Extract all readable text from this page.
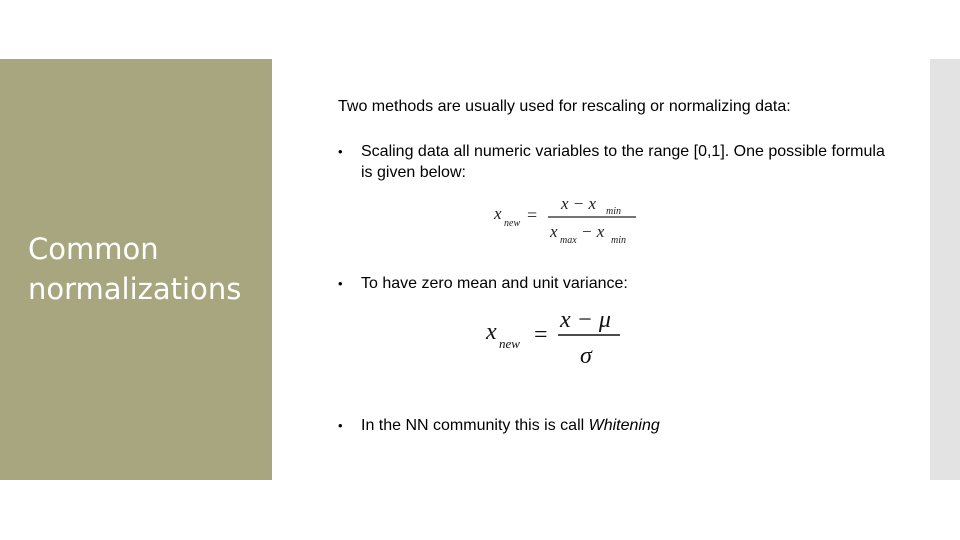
Common normalizations
Two methods are usually used for rescaling or normalizing data:
• Scaling data all numeric variables to the range [0,1]. One possible formula is given below:
x
new =
x − x min
x max − x min
• To have zero mean and unit variance:
x new =
x − μ
σ
• In the NN community this is call Whitening
